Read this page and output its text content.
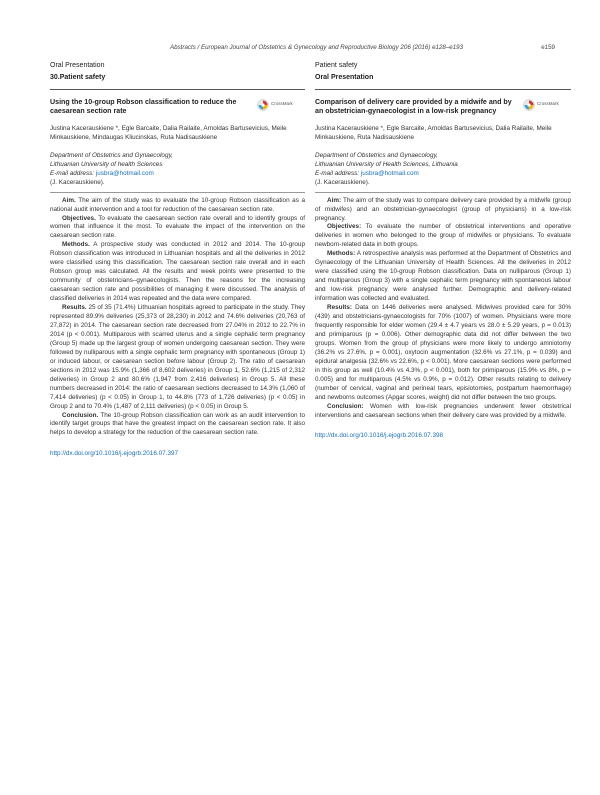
Abstracts / European Journal of Obstetrics & Gynecology and Reproductive Biology 206 (2016) e128–e193	e159
Oral Presentation
30.Patient safety
Using the 10-group Robson classification to reduce the caesarean section rate
CrossMark
Justina Kacerauskiene *, Egle Barcaite, Dalia Railaite, Arnoldas Bartusevicius, Meile Minkauskiene, Mindaugas Kliucinskas, Ruta Nadisauskiene
Department of Obstetrics and Gynaecology,
Lithuanian University of health Sciences
E-mail address: jusbra@hotmail.com
(J. Kacerauskiene).

Aim. The aim of the study was to evaluate the 10-group Robson classification as a national audit intervention and a tool for reduction of the caesarean section rate.

Objectives. To evaluate the caesarean section rate overall and to identify groups of women that influence it the most. To evaluate the impact of the intervention on the caesarean section rate.

Methods. A prospective study was conducted in 2012 and 2014. The 10-group Robson classification was introduced in Lithuanian hospitals and all the deliveries in 2012 were classified using this classification. The caesarean section rate overall and in each Robson group was calculated. All the results and week points were presented to the community of obstetricians–gynaecologists. Then the reasons for the increasing caesarean section rate and possibilities of managing it were discussed. The analysis of classified deliveries in 2014 was repeated and the data were compared.

Results. 25 of 35 (71.4%) Lithuanian hospitals agreed to participate in the study. They represented 89.9% deliveries (25,373 of 28,230) in 2012 and 74.6% deliveries (20,763 of 27,872) in 2014. The caesarean section rate decreased from 27.04% in 2012 to 22.7% in 2014 (p < 0.001). Multiparous with scarred uterus and a single cephalic term pregnancy (Group 5) made up the largest group of women undergoing caesarean section. They were followed by nulliparous with a single cephalic term pregnancy with spontaneous (Group 1) or induced labour, or caesarean section before labour (Group 2). The ratio of caesarean sections in 2012 was 15.9% (1,366 of 8,602 deliveries) in Group 1, 52.6% (1,215 of 2,312 deliveries) in Group 2 and 80.6% (1,947 from 2,416 deliveries) in Group 5. All these numbers decreased in 2014: the ratio of caesarean sections decreased to 14.3% (1,060 of 7,414 deliveries) (p < 0.05) in Group 1, to 44.8% (773 of 1,726 deliveries) (p < 0.05) in Group 2 and to 70.4% (1,487 of 2,111 deliveries) (p < 0.05) in Group 5.

Conclusion. The 10-group Robson classification can work as an audit intervention to identify target groups that have the greatest impact on the caesarean section rate. It also helps to develop a strategy for the reduction of the caesarean section rate.

http://dx.doi.org/10.1016/j.ejogrb.2016.07.397
Patient safety
Oral Presentation
Comparison of delivery care provided by a midwife and by an obstetrician-gynaecologist in a low-risk pregnancy
CrossMark
Justina Kacerauskiene *, Egle Barcaite, Arnoldas Bartusevicius, Dalia Railaite, Meile Minkauskiene, Ruta Nadisauskiene
Department of Obstetrics and Gynaecology,
Lithuanian University of Health Sciences, Lithuania
E-mail address: jusbra@hotmail.com
(J. Kacerauskiene).

Aim: The aim of the study was to compare delivery care provided by a midwife (group of midwifes) and an obstetrician-gynaecologist (group of physicians) in a low-risk pregnancy.

Objectives: To evaluate the number of obstetrical interventions and operative deliveries in women who belonged to the group of midwifes or physicians. To evaluate newborn-related data in both groups.

Methods: A retrospective analysis was performed at the Department of Obstetrics and Gynaecology of the Lithuanian University of Health Sciences. All the deliveries in 2012 were classified using the 10-group Robson classification. Data on nulliparous (Group 1) and multiparous (Group 3) with a single cephalic term pregnancy with spontaneous labour and low-risk pregnancy were analysed further. Demographic and delivery-related information was collected and evaluated.

Results: Data on 1446 deliveries were analysed. Midwives provided care for 30% (439) and obstetricians-gynaecologists for 70% (1007) of women. Physicians were more frequently responsible for elder women (29.4 ± 4.7 years vs 28.0 ± 5.29 years, p = 0.013) and primiparous (p = 0.006). Other demographic data did not differ between the two groups. Women from the group of physicians were more likely to undergo amniotomy (36.2% vs 27.6%, p = 0.001), oxytocin augmentation (32.6% vs 27.1%, p = 0.039) and epidural analgesia (32.6% vs 22.6%, p < 0.001). More caesarean sections were performed in this group as well (10.4% vs 4.3%, p < 0.001), both for primiparous (15.9% vs 8%, p = 0.005) and for multiparous (4.5% vs 0.9%, p = 0.012). Other results relating to delivery (number of cervical, vaginal and perineal tears, episiotomies, postpartum haemorrhage) and newborns outcomes (Apgar scores, weight) did not differ between the two groups.

Conclusion: Women with low-risk pregnancies underwent fewer obstetrical interventions and caesarean sections when their delivery care was provided by a midwife.

http://dx.doi.org/10.1016/j.ejogrb.2016.07.398
